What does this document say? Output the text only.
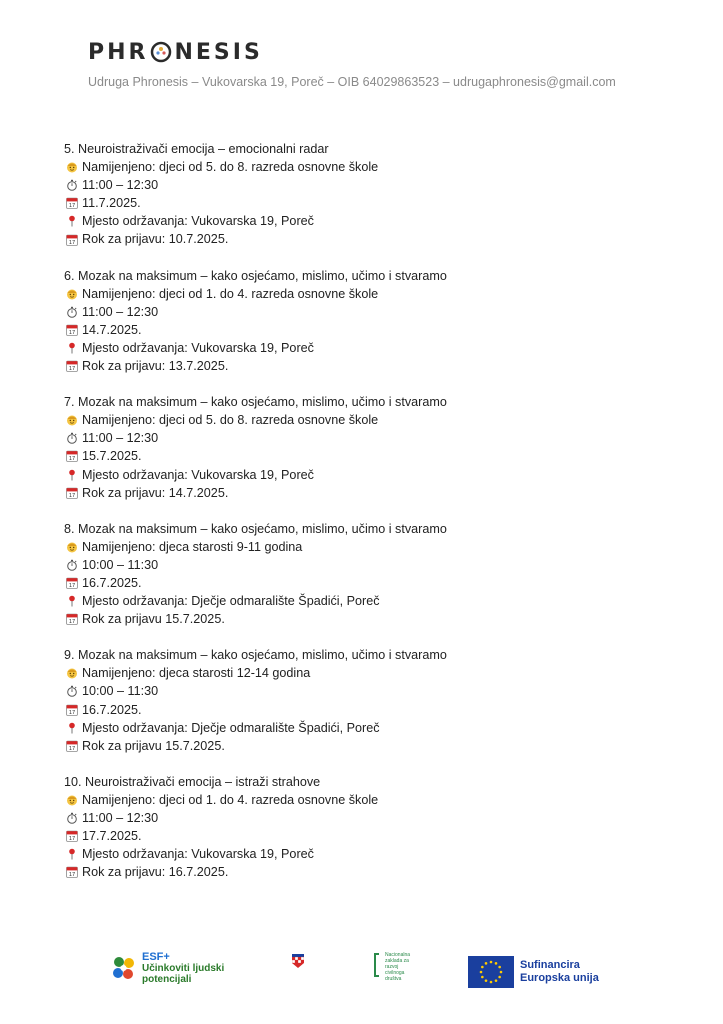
PHR NESIS
Udruga Phronesis – Vukovarska 19, Poreč – OIB 64029863523 – udrugaphronesis@gmail.com
5. Neuroistraživači emocija – emocionalni radar
Namijenjeno: djeci od 5. do 8. razreda osnovne škole
11:00 – 12:30
17 11.7.2025.
Mjesto održavanja: Vukovarska 19, Poreč
17 Rok za prijavu: 10.7.2025.
6. Mozak na maksimum – kako osjećamo, mislimo, učimo i stvaramo
Namijenjeno: djeci od 1. do 4. razreda osnovne škole
11:00 – 12:30
17 14.7.2025.
Mjesto održavanja: Vukovarska 19, Poreč
17 Rok za prijavu: 13.7.2025.
7. Mozak na maksimum – kako osjećamo, mislimo, učimo i stvaramo
Namijenjeno: djeci od 5. do 8. razreda osnovne škole
11:00 – 12:30
17 15.7.2025.
Mjesto održavanja: Vukovarska 19, Poreč
17 Rok za prijavu: 14.7.2025.
8. Mozak na maksimum – kako osjećamo, mislimo, učimo i stvaramo
Namijenjeno: djeca starosti 9-11 godina
10:00 – 11:30
17 16.7.2025.
Mjesto održavanja: Dječje odmaralište Špadići, Poreč
17 Rok za prijavu 15.7.2025.
9. Mozak na maksimum – kako osjećamo, mislimo, učimo i stvaramo
Namijenjeno: djeca starosti 12-14 godina
10:00 – 11:30
17 16.7.2025.
Mjesto održavanja: Dječje odmaralište Špadići, Poreč
17 Rok za prijavu 15.7.2025.
10. Neuroistraživači emocija – istraži strahove
Namijenjeno: djeci od 1. do 4. razreda osnovne škole
11:00 – 12:30
17 17.7.2025.
Mjesto održavanja: Vukovarska 19, Poreč
17 Rok za prijavu: 16.7.2025.
ESF+
Učinkoviti ljudski
potencijali
Nacionalna
zaklada za
razvoj
civilnoga
društva
Sufinancira
Europska unija
